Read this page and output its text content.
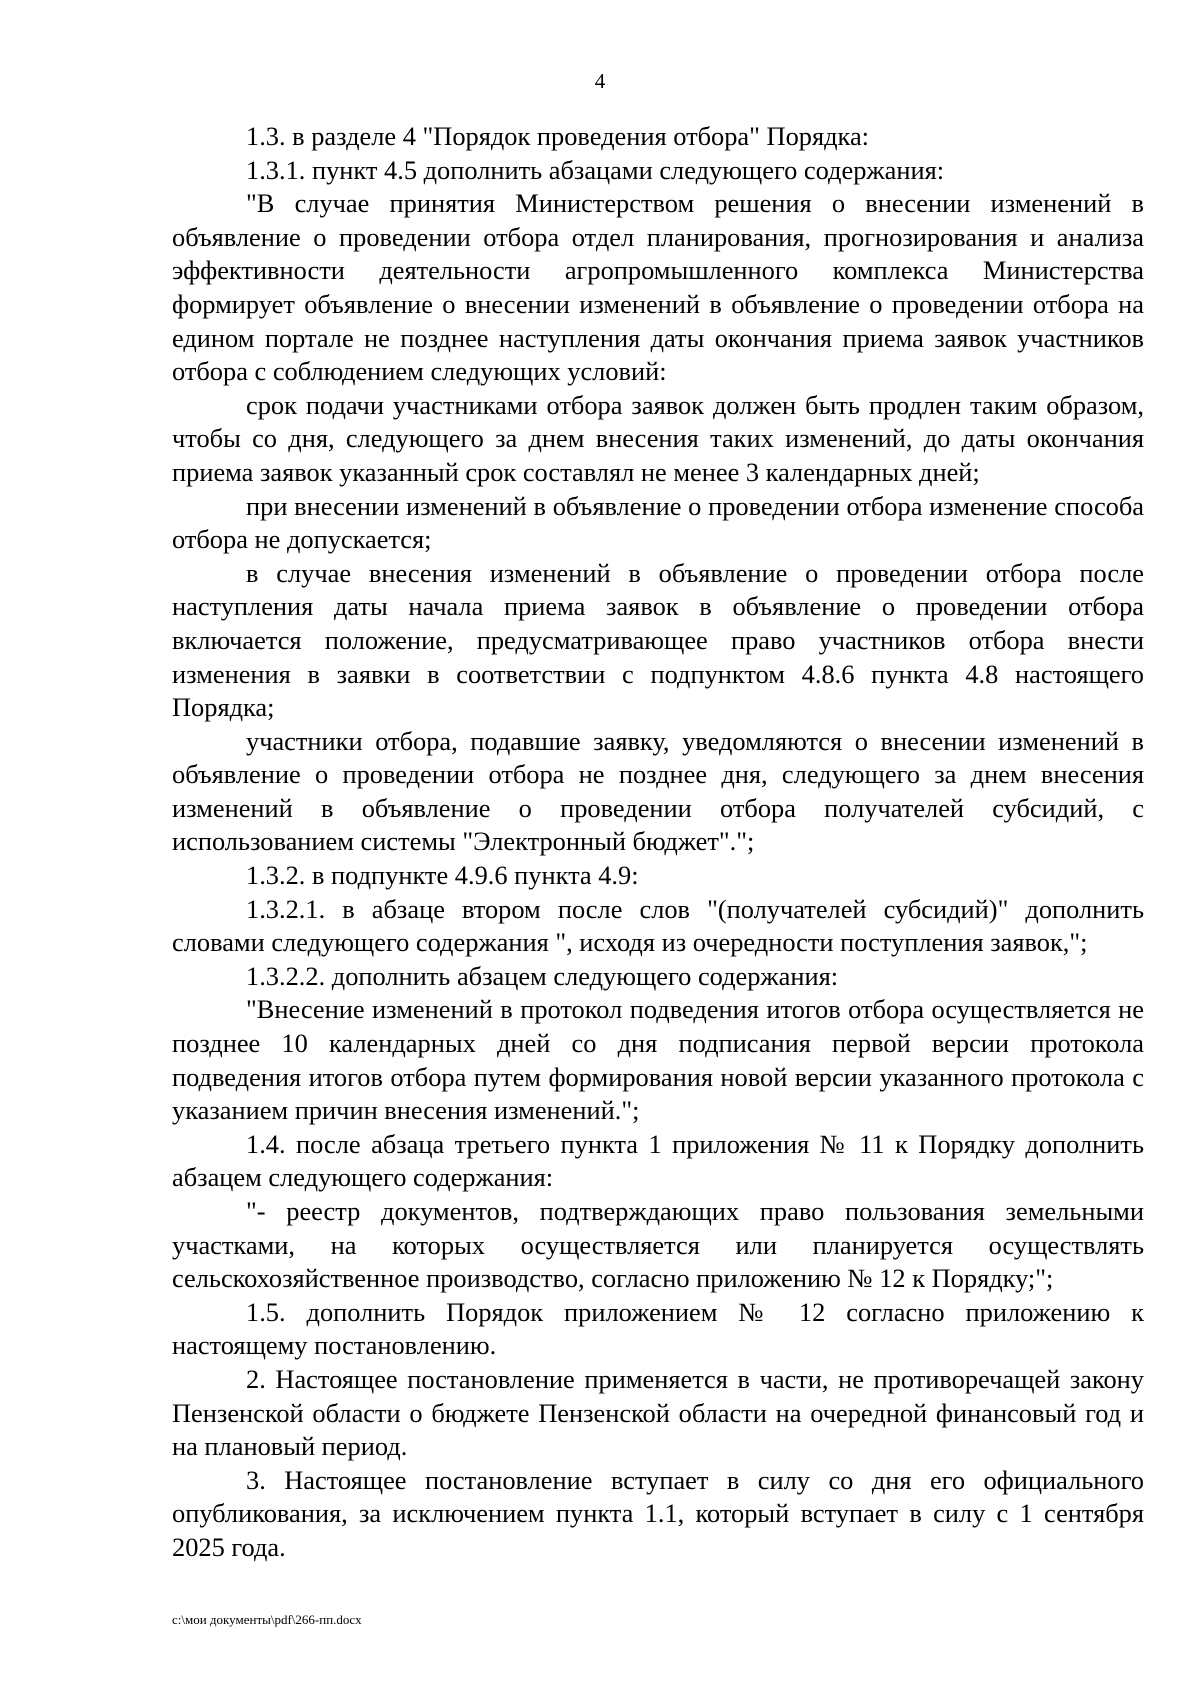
4

1.3. в разделе 4 "Порядок проведения отбора" Порядка:

1.3.1. пункт 4.5 дополнить абзацами следующего содержания:

"В случае принятия Министерством решения о внесении изменений в объявление о проведении отбора отдел планирования, прогнозирования и анализа эффективности деятельности агропромышленного комплекса Министерства формирует объявление о внесении изменений в объявление о проведении отбора на едином портале не позднее наступления даты окончания приема заявок участников отбора с соблюдением следующих условий:

срок подачи участниками отбора заявок должен быть продлен таким образом, чтобы со дня, следующего за днем внесения таких изменений, до даты окончания приема заявок указанный срок составлял не менее 3 календарных дней;

при внесении изменений в объявление о проведении отбора изменение способа отбора не допускается;

в случае внесения изменений в объявление о проведении отбора после наступления даты начала приема заявок в объявление о проведении отбора включается положение, предусматривающее право участников отбора внести изменения в заявки в соответствии с подпунктом 4.8.6 пункта 4.8 настоящего Порядка;

участники отбора, подавшие заявку, уведомляются о внесении изменений в объявление о проведении отбора не позднее дня, следующего за днем внесения изменений в объявление о проведении отбора получателей субсидий, с использованием системы "Электронный бюджет".";

1.3.2. в подпункте 4.9.6 пункта 4.9:

1.3.2.1. в абзаце втором после слов "(получателей субсидий)" дополнить словами следующего содержания ", исходя из очередности поступления заявок,";

1.3.2.2. дополнить абзацем следующего содержания:

"Внесение изменений в протокол подведения итогов отбора осуществляется не позднее 10 календарных дней со дня подписания первой версии протокола подведения итогов отбора путем формирования новой версии указанного протокола с указанием причин внесения изменений.";

1.4. после абзаца третьего пункта 1 приложения № 11 к Порядку дополнить абзацем следующего содержания:

"- реестр документов, подтверждающих право пользования земельными участками, на которых осуществляется или планируется осуществлять сельскохозяйственное производство, согласно приложению № 12 к Порядку;";

1.5. дополнить Порядок приложением № 12 согласно приложению к настоящему постановлению.

2. Настоящее постановление применяется в части, не противоречащей закону Пензенской области о бюджете Пензенской области на очередной финансовый год и на плановый период.

3. Настоящее постановление вступает в силу со дня его официального опубликования, за исключением пункта 1.1, который вступает в силу с 1 сентября 2025 года.

c:\мои документы\pdf\266-пп.docx
